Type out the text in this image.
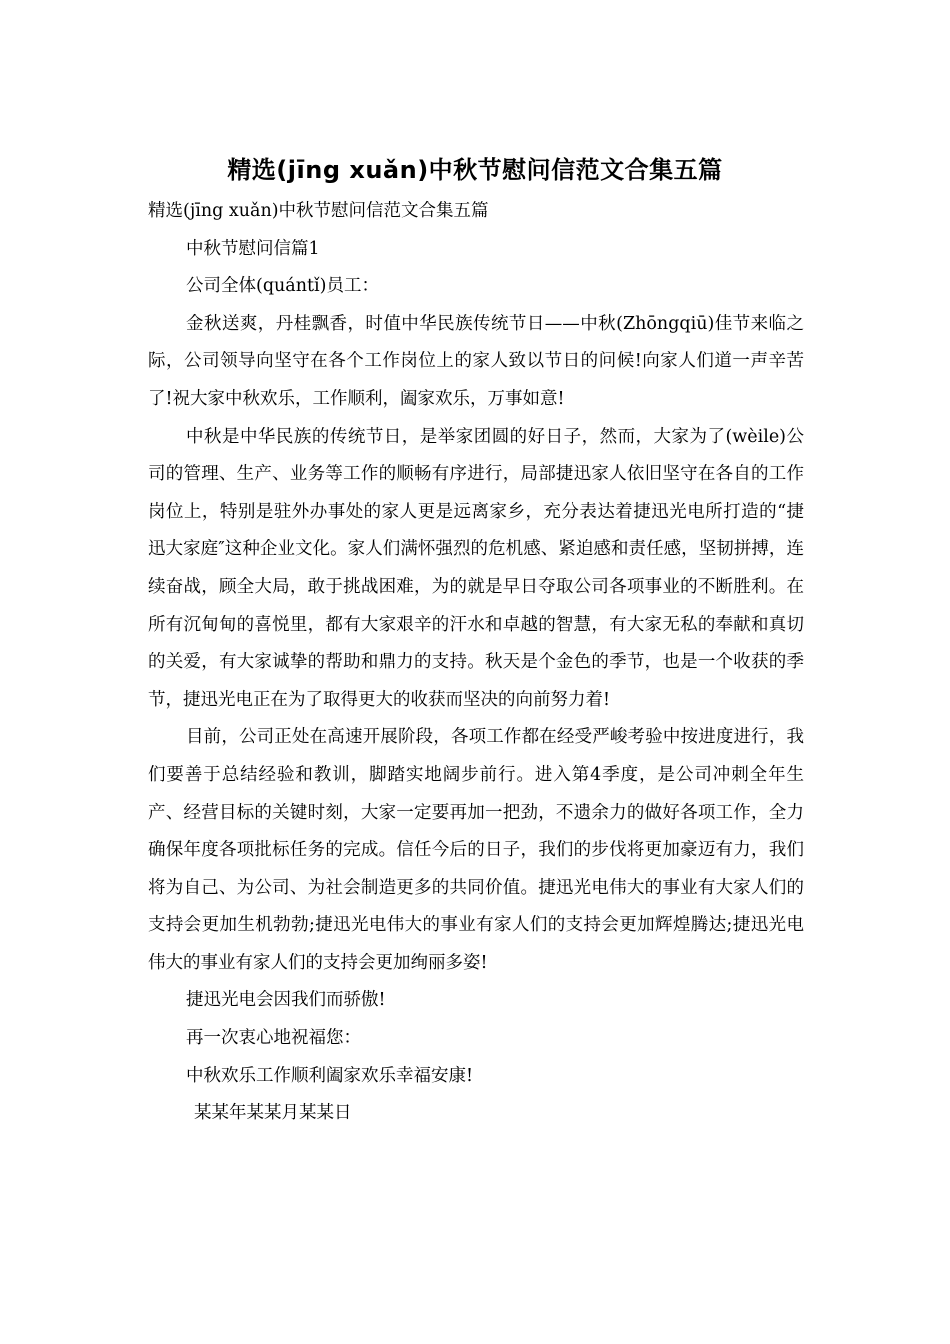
精选(jīng xuǎn)中秋节慰问信范文合集五篇

精选(jīng xuǎn)中秋节慰问信范文合集五篇

中秋节慰问信篇1

公司全体(quántǐ)员工：

金秋送爽，丹桂飘香，时值中华民族传统节日——中秋(Zhōngqiū)佳节来临之际，公司领导向坚守在各个工作岗位上的家人致以节日的问候!向家人们道一声辛苦了!祝大家中秋欢乐，工作顺利，阖家欢乐，万事如意!

中秋是中华民族的传统节日，是举家团圆的好日子，然而，大家为了(wèile)公司的管理、生产、业务等工作的顺畅有序进行，局部捷迅家人依旧坚守在各自的工作岗位上，特别是驻外办事处的家人更是远离家乡，充分表达着捷迅光电所打造的“捷迅大家庭″这种企业文化。家人们满怀强烈的危机感、紧迫感和责任感，坚韧拼搏，连续奋战，顾全大局，敢于挑战困难，为的就是早日夺取公司各项事业的不断胜利。在所有沉甸甸的喜悦里，都有大家艰辛的汗水和卓越的智慧，有大家无私的奉献和真切的关爱，有大家诚挚的帮助和鼎力的支持。秋天是个金色的季节，也是一个收获的季节，捷迅光电正在为了取得更大的收获而坚决的向前努力着!

目前，公司正处在高速开展阶段，各项工作都在经受严峻考验中按进度进行，我们要善于总结经验和教训，脚踏实地阔步前行。进入第4季度，是公司冲刺全年生产、经营目标的关键时刻，大家一定要再加一把劲，不遗余力的做好各项工作，全力确保年度各项批标任务的完成。信任今后的日子，我们的步伐将更加豪迈有力，我们将为自己、为公司、为社会制造更多的共同价值。捷迅光电伟大的事业有大家人们的支持会更加生机勃勃;捷迅光电伟大的事业有家人们的支持会更加辉煌腾达;捷迅光电伟大的事业有家人们的支持会更加绚丽多姿!

捷迅光电会因我们而骄傲!

再一次衷心地祝福您：

中秋欢乐工作顺利阖家欢乐幸福安康!

某某年某某月某某日
